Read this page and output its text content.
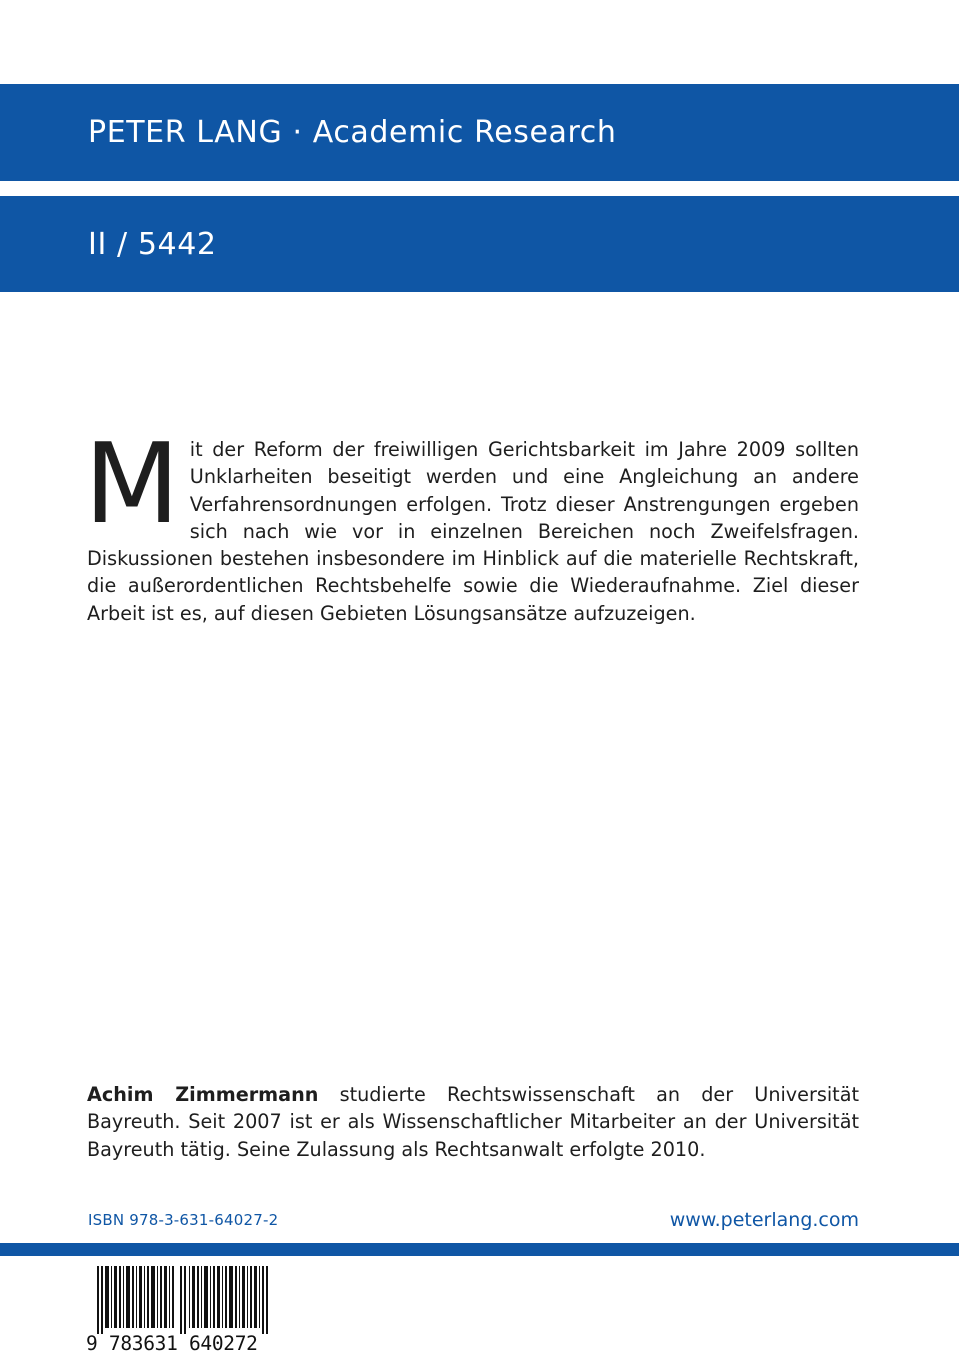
PETER LANG · Academic Research
II / 5442
Mit der Reform der freiwilligen Gerichtsbarkeit im Jahre 2009 sollten Unklarheiten beseitigt werden und eine Angleichung an andere Verfahrensordnungen erfolgen. Trotz dieser Anstrengungen ergeben sich nach wie vor in einzelnen Bereichen noch Zweifelsfragen. Diskussionen bestehen insbesondere im Hinblick auf die materielle Rechtskraft, die außerordentlichen Rechtsbehelfe sowie die Wiederaufnahme. Ziel dieser Arbeit ist es, auf diesen Gebieten Lösungsansätze aufzuzeigen.
Achim Zimmermann studierte Rechtswissenschaft an der Universität Bayreuth. Seit 2007 ist er als Wissenschaftlicher Mitarbeiter an der Universität Bayreuth tätig. Seine Zulassung als Rechtsanwalt erfolgte 2010.
ISBN 978-3-631-64027-2	www.peterlang.com
9 783631 640272
